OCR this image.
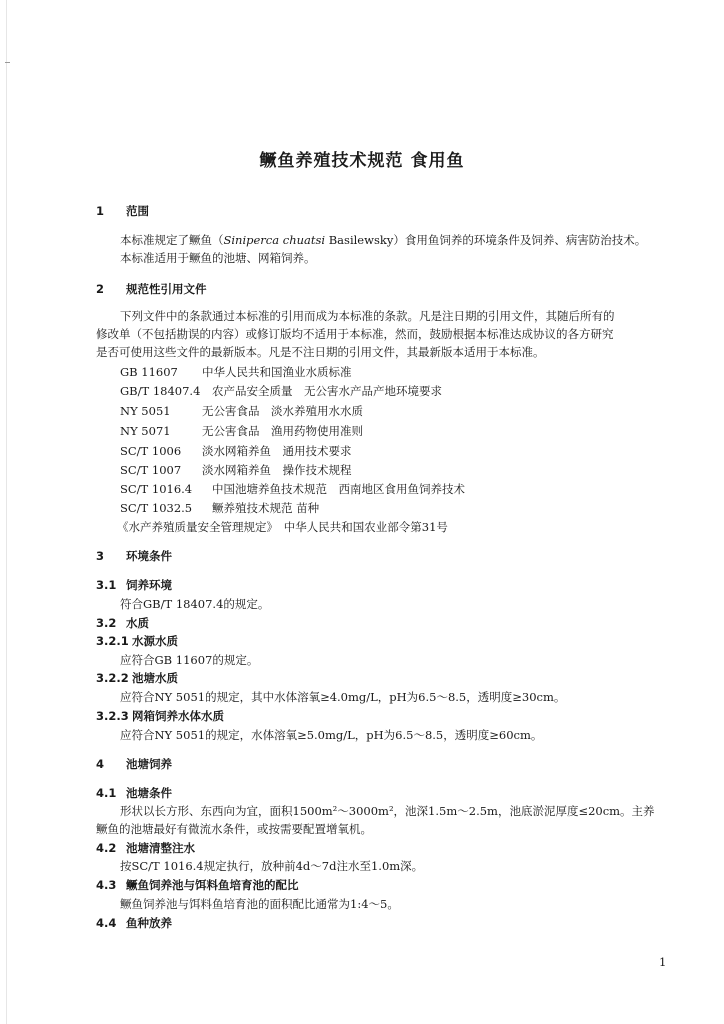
鳜鱼养殖技术规范 食用鱼
1 范围
本标准规定了鳜鱼（Siniperca chuatsi Basilewsky）食用鱼饲养的环境条件及饲养、病害防治技术。
本标准适用于鳜鱼的池塘、网箱饲养。
2 规范性引用文件
下列文件中的条款通过本标准的引用而成为本标准的条款。凡是注日期的引用文件，其随后所有的
修改单（不包括勘误的内容）或修订版均不适用于本标准，然而，鼓励根据本标准达成协议的各方研究
是否可使用这些文件的最新版本。凡是不注日期的引用文件，其最新版本适用于本标准。
GB 11607 中华人民共和国渔业水质标准
GB/T 18407.4 农产品安全质量　无公害水产品产地环境要求
NY 5051	无公害食品　淡水养殖用水水质
NY 5071	无公害食品　渔用药物使用准则
SC/T 1006 淡水网箱养鱼　通用技术要求
SC/T 1007 淡水网箱养鱼　操作技术规程
SC/T 1016.4 中国池塘养鱼技术规范　西南地区食用鱼饲养技术
SC/T 1032.5 鳜养殖技术规范 苗种
《水产养殖质量安全管理规定》　中华人民共和国农业部令第31号
3 环境条件
3.1 饲养环境
符合GB/T 18407.4的规定。
3.2 水质
3.2.1 水源水质
应符合GB 11607的规定。
3.2.2 池塘水质
应符合NY 5051的规定，其中水体溶氧≥4.0mg/L，pH为6.5～8.5，透明度≥30cm。
3.2.3 网箱饲养水体水质
应符合NY 5051的规定，水体溶氧≥5.0mg/L，pH为6.5～8.5，透明度≥60cm。
4 池塘饲养
4.1 池塘条件
形状以长方形、东西向为宜，面积1500m²～3000m²，池深1.5m～2.5m，池底淤泥厚度≤20cm。主养
鳜鱼的池塘最好有微流水条件，或按需要配置增氧机。
4.2 池塘清整注水
按SC/T 1016.4规定执行，放种前4d～7d注水至1.0m深。
4.3 鳜鱼饲养池与饵料鱼培育池的配比
鳜鱼饲养池与饵料鱼培育池的面积配比通常为1:4～5。
4.4 鱼种放养
1
